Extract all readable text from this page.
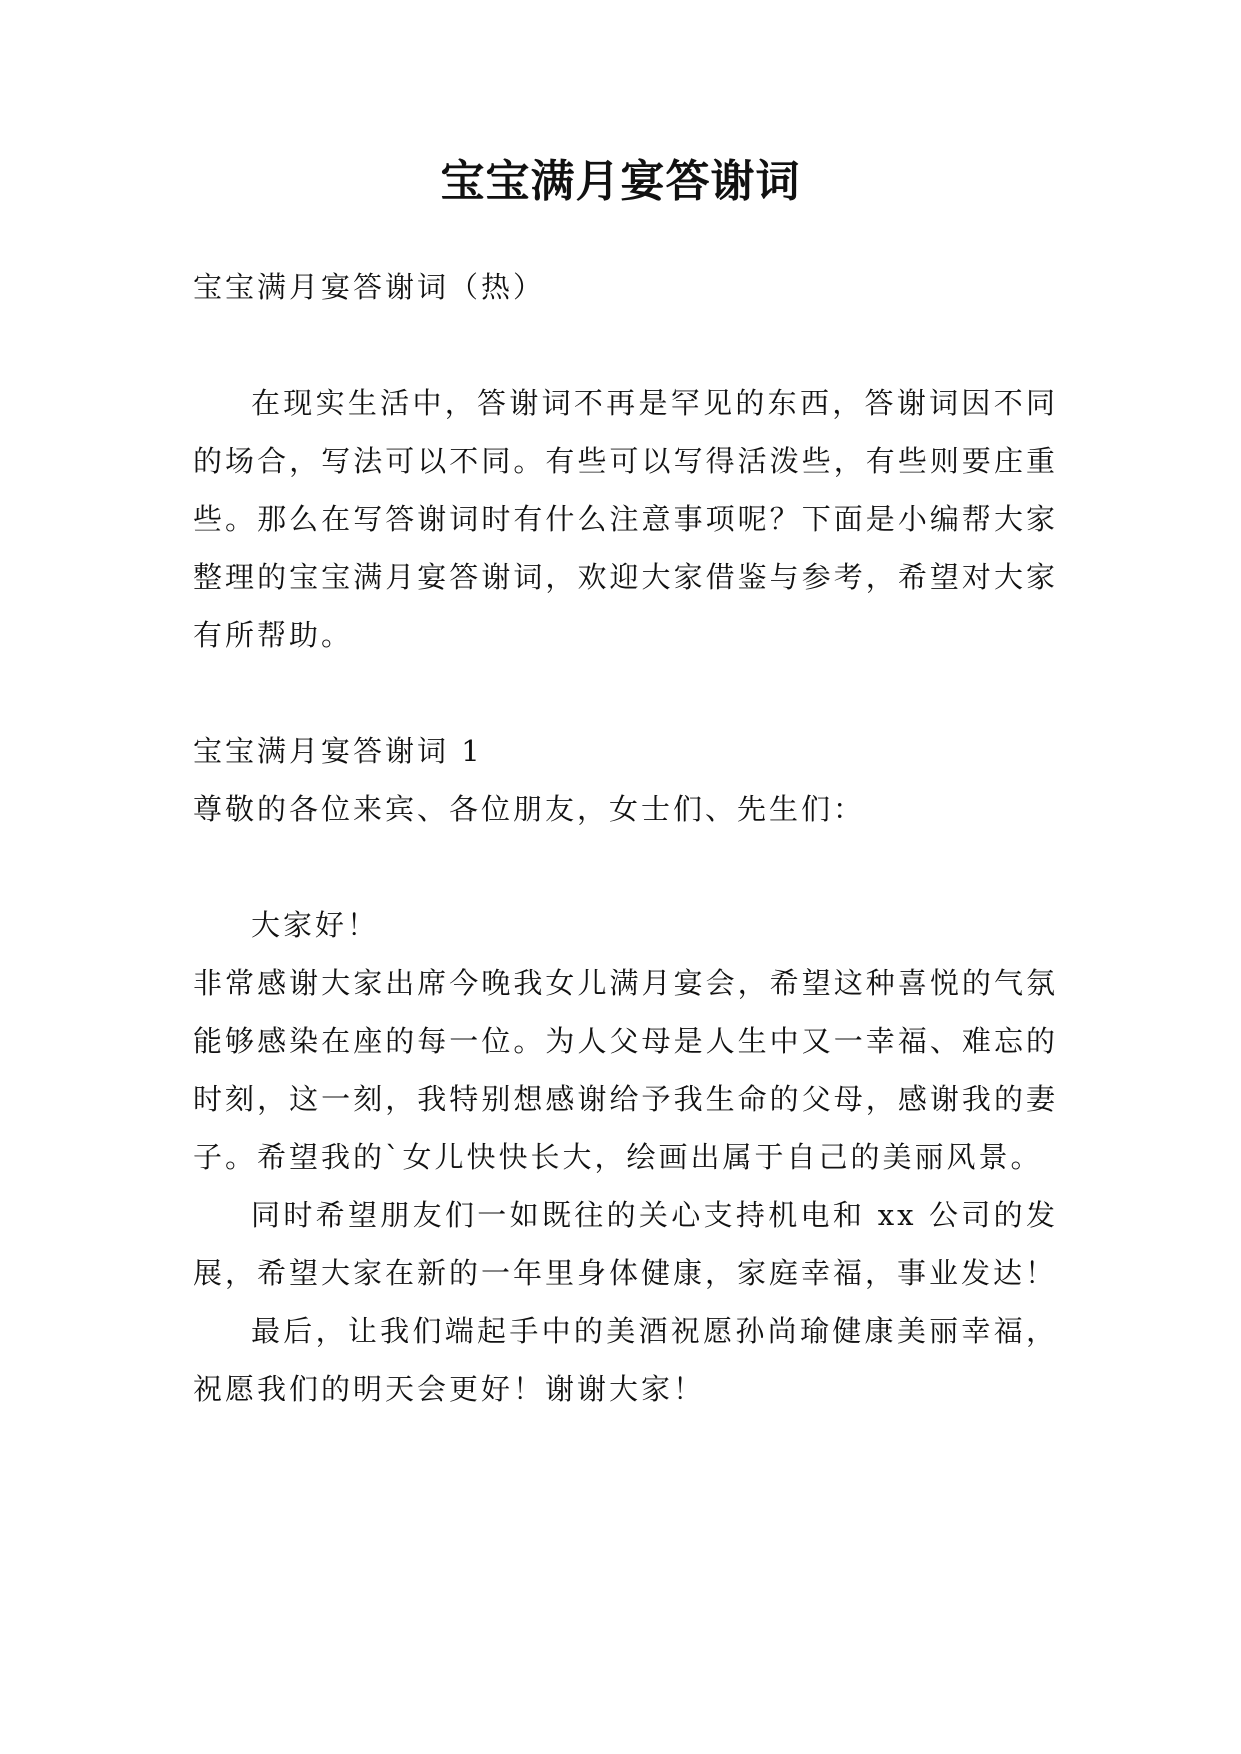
宝宝满月宴答谢词

宝宝满月宴答谢词（热）

在现实生活中，答谢词不再是罕见的东西，答谢词因不同的场合，写法可以不同。有些可以写得活泼些，有些则要庄重些。那么在写答谢词时有什么注意事项呢？下面是小编帮大家整理的宝宝满月宴答谢词，欢迎大家借鉴与参考，希望对大家有所帮助。

宝宝满月宴答谢词 1

尊敬的各位来宾、各位朋友，女士们、先生们：

大家好！

非常感谢大家出席今晚我女儿满月宴会，希望这种喜悦的气氛能够感染在座的每一位。为人父母是人生中又一幸福、难忘的时刻，这一刻，我特别想感谢给予我生命的父母，感谢我的妻子。希望我的`女儿快快长大，绘画出属于自己的美丽风景。

同时希望朋友们一如既往的关心支持机电和 xx 公司的发展，希望大家在新的一年里身体健康，家庭幸福，事业发达！

最后，让我们端起手中的美酒祝愿孙尚瑜健康美丽幸福，祝愿我们的明天会更好！谢谢大家！
